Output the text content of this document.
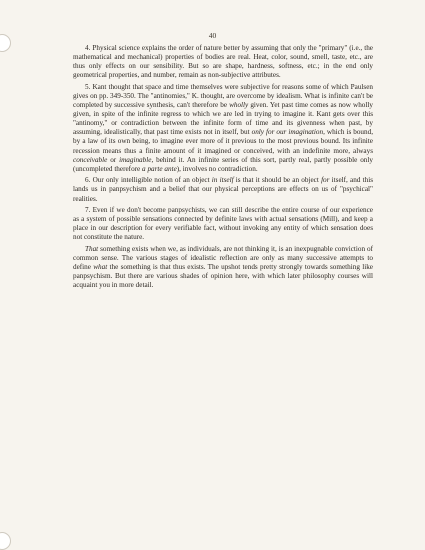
40

4. Physical science explains the order of nature better by assuming that only the "primary" (i.e., the mathematical and mechanical) properties of bodies are real. Heat, color, sound, smell, taste, etc., are thus only effects on our sensibility. But so are shape, hardness, softness, etc.; in the end only geometrical properties, and number, remain as non-subjective attributes.

5. Kant thought that space and time themselves were subjective for reasons some of which Paulsen gives on pp. 349-350. The "antinomies," K. thought, are overcome by idealism. What is infinite can't be completed by successive synthesis, can't therefore be wholly given. Yet past time comes as now wholly given, in spite of the infinite regress to which we are led in trying to imagine it. Kant gets over this "antinomy," or contradiction between the infinite form of time and its givenness when past, by assuming, idealistically, that past time exists not in itself, but only for our imagination, which is bound, by a law of its own being, to imagine ever more of it previous to the most previous bound. Its infinite recession means thus a finite amount of it imagined or conceived, with an indefinite more, always conceivable or imaginable, behind it. An infinite series of this sort, partly real, partly possible only (uncompleted therefore a parte ante), involves no contradiction.

6. Our only intelligible notion of an object in itself is that it should be an object for itself, and this lands us in panpsychism and a belief that our physical perceptions are effects on us of "psychical" realities.

7. Even if we don't become panpsychists, we can still describe the entire course of our experience as a system of possible sensations connected by definite laws with actual sensations (Mill), and keep a place in our description for every verifiable fact, without invoking any entity of which sensation does not constitute the nature.

That something exists when we, as individuals, are not thinking it, is an inexpugnable conviction of common sense. The various stages of idealistic reflection are only as many successive attempts to define what the something is that thus exists. The upshot tends pretty strongly towards something like panpsychism. But there are various shades of opinion here, with which later philosophy courses will acquaint you in more detail.
